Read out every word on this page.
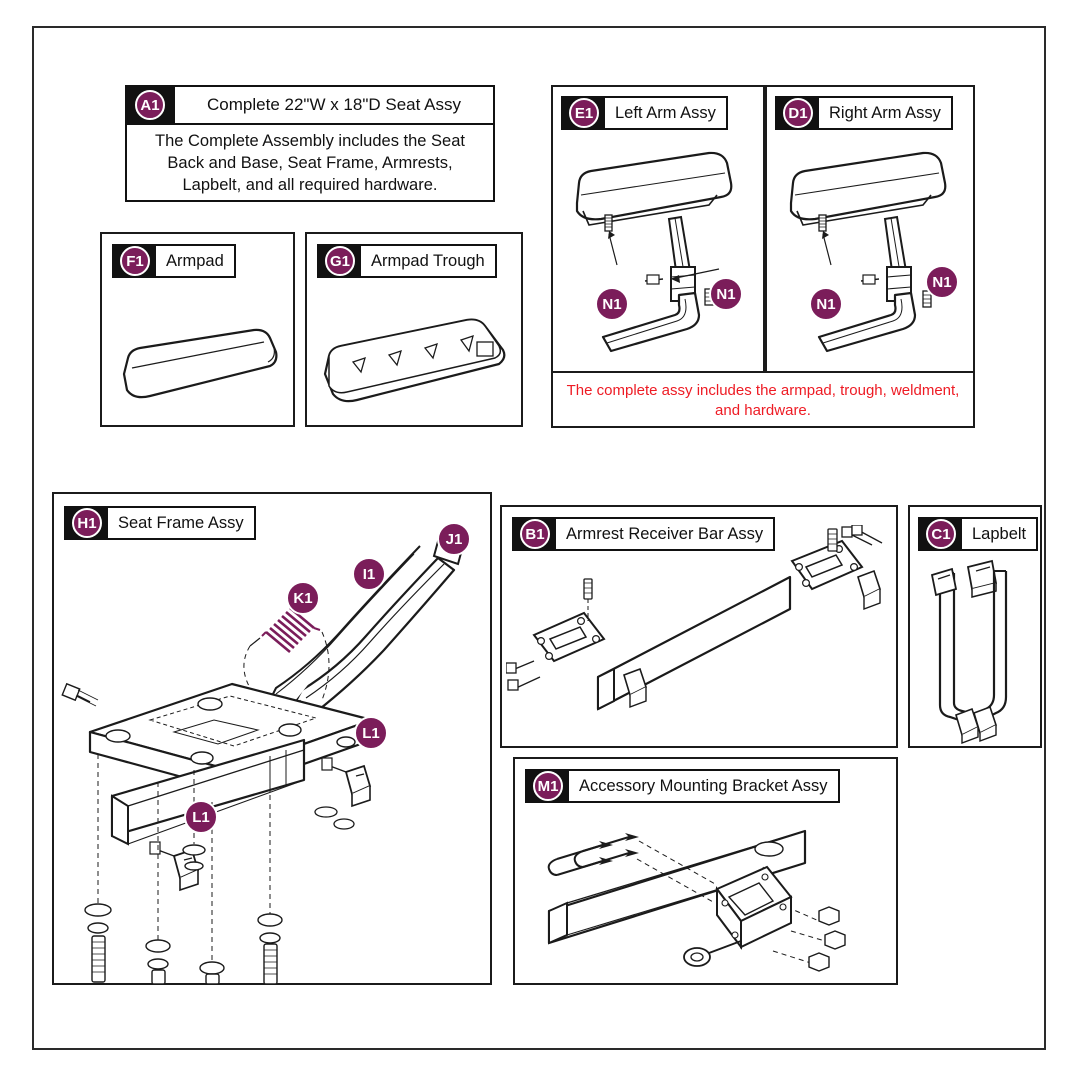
A1	Complete 22"W x 18"D Seat Assy
The Complete Assembly includes the Seat Back and Base, Seat Frame, Armrests, Lapbelt, and all required hardware.
F1	Armpad	G1	Armpad Trough
E1	Left Arm Assy
N1
N1
D1	Right Arm Assy
N1
N1
The complete assy includes the armpad, trough, weldment, and hardware.
H1	Seat Frame Assy
J1
I1
K1
L1
L1
B1	Armrest Receiver Bar Assy	C1	Lapbelt
M1	Accessory Mounting Bracket Assy
